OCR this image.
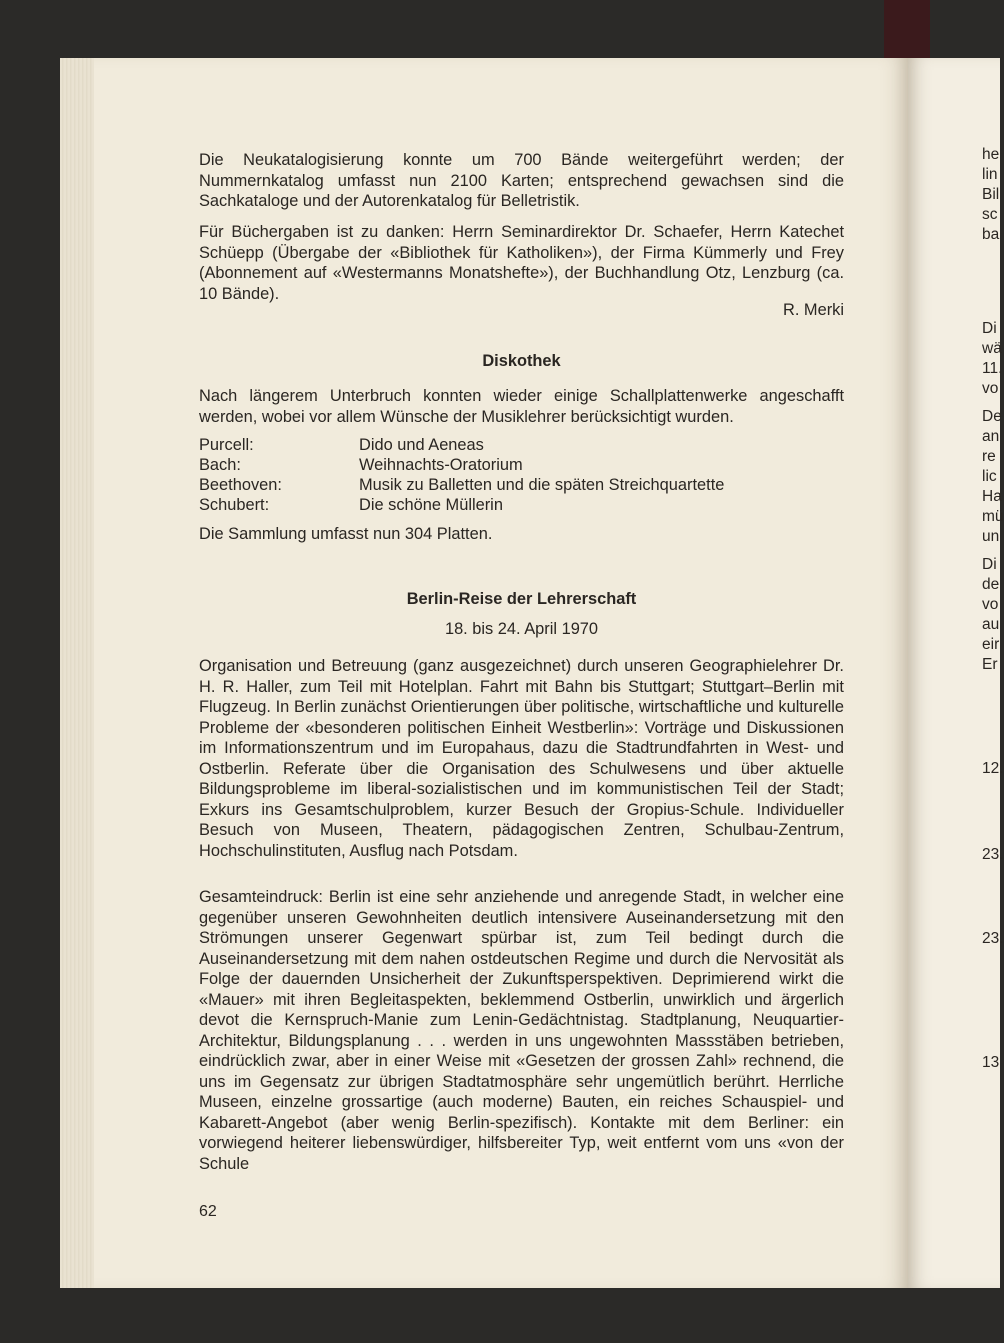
Die Neukatalogisierung konnte um 700 Bände weitergeführt werden; der Nummernkatalog umfasst nun 2100 Karten; entsprechend gewachsen sind die Sachkataloge und der Autorenkatalog für Belletristik.
Für Büchergaben ist zu danken: Herrn Seminardirektor Dr. Schaefer, Herrn Katechet Schüepp (Übergabe der «Bibliothek für Katholiken»), der Firma Kümmerly und Frey (Abonnement auf «Westermanns Monatshefte»), der Buchhandlung Otz, Lenzburg (ca. 10 Bände).
R. Merki
Diskothek
Nach längerem Unterbruch konnten wieder einige Schallplattenwerke angeschafft werden, wobei vor allem Wünsche der Musiklehrer berücksichtigt wurden.
Purcell:	Dido und Aeneas
Bach:	Weihnachts-Oratorium
Beethoven:	Musik zu Balletten und die späten Streichquartette
Schubert:	Die schöne Müllerin
Die Sammlung umfasst nun 304 Platten.
Berlin-Reise der Lehrerschaft
18. bis 24. April 1970
Organisation und Betreuung (ganz ausgezeichnet) durch unseren Geographielehrer Dr. H. R. Haller, zum Teil mit Hotelplan. Fahrt mit Bahn bis Stuttgart; Stuttgart–Berlin mit Flugzeug. In Berlin zunächst Orientierungen über politische, wirtschaftliche und kulturelle Probleme der «besonderen politischen Einheit Westberlin»: Vorträge und Diskussionen im Informationszentrum und im Europahaus, dazu die Stadtrundfahrten in West- und Ostberlin. Referate über die Organisation des Schulwesens und über aktuelle Bildungsprobleme im liberal-sozialistischen und im kommunistischen Teil der Stadt; Exkurs ins Gesamtschulproblem, kurzer Besuch der Gropius-Schule. Individueller Besuch von Museen, Theatern, pädagogischen Zentren, Schulbau-Zentrum, Hochschulinstituten, Ausflug nach Potsdam.
Gesamteindruck: Berlin ist eine sehr anziehende und anregende Stadt, in welcher eine gegenüber unseren Gewohnheiten deutlich intensivere Auseinandersetzung mit den Strömungen unserer Gegenwart spürbar ist, zum Teil bedingt durch die Auseinandersetzung mit dem nahen ostdeutschen Regime und durch die Nervosität als Folge der dauernden Unsicherheit der Zukunftsperspektiven. Deprimierend wirkt die «Mauer» mit ihren Begleitaspekten, beklemmend Ostberlin, unwirklich und ärgerlich devot die Kernspruch-Manie zum Lenin-Gedächtnistag. Stadtplanung, Neuquartier-Architektur, Bildungsplanung . . . werden in uns ungewohnten Massstäben betrieben, eindrücklich zwar, aber in einer Weise mit «Gesetzen der grossen Zahl» rechnend, die uns im Gegensatz zur übrigen Stadtatmosphäre sehr ungemütlich berührt. Herrliche Museen, einzelne grossartige (auch moderne) Bauten, ein reiches Schauspiel- und Kabarett-Angebot (aber wenig Berlin-spezifisch). Kontakte mit dem Berliner: ein vorwiegend heiterer liebenswürdiger, hilfsbereiter Typ, weit entfernt vom uns «von der Schule
62
he
lin
Bil
sc
ba
Di
wä
11.
vo
De
an
re
lic
Ha
mü
un
Di
de
vo
au
eir
Er
12.
23.
23.
13
